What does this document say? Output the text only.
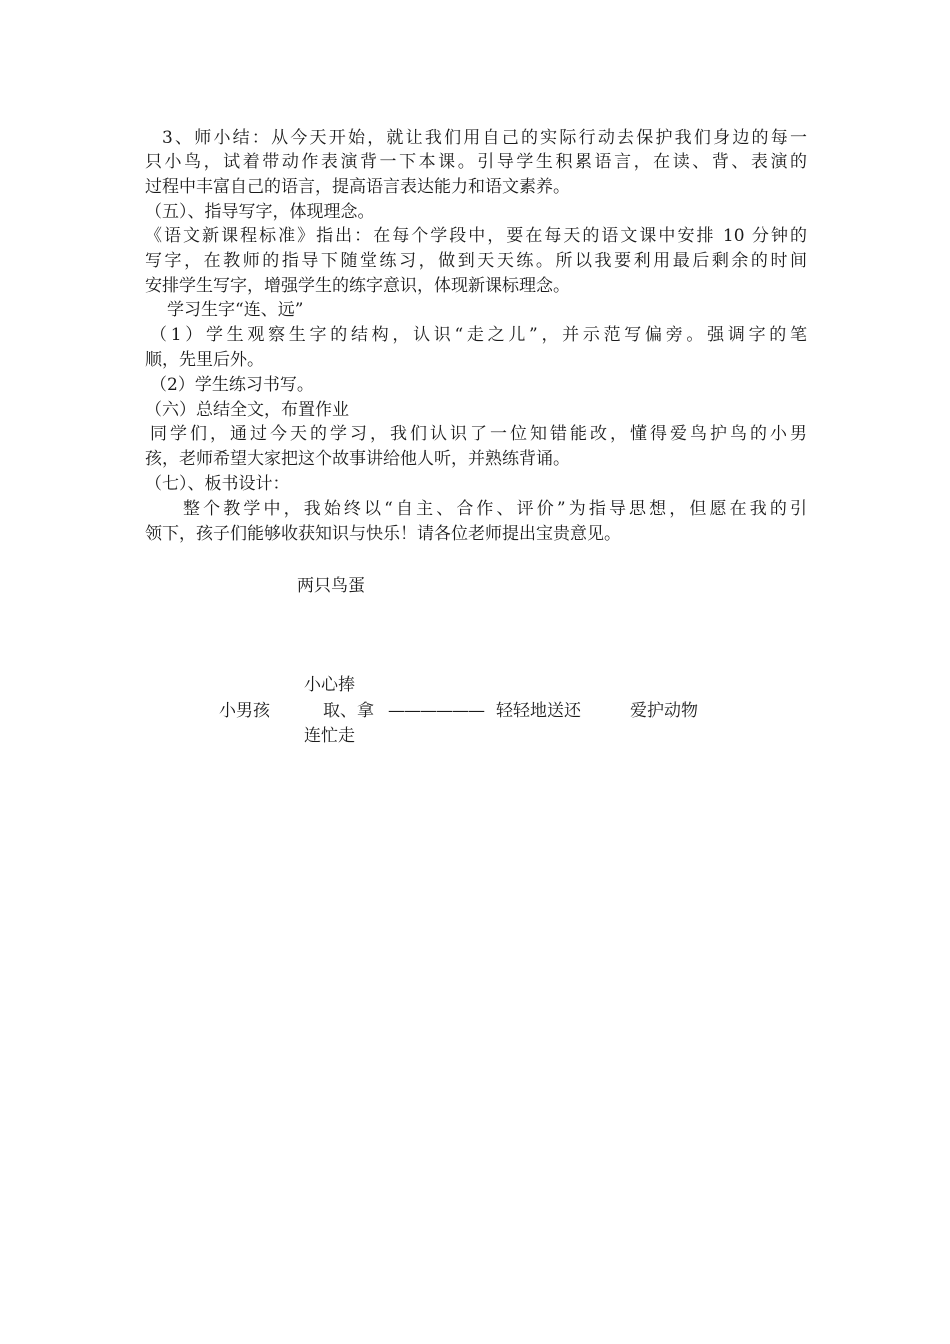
3、师小结：从今天开始，就让我们用自己的实际行动去保护我们身边的每一
只小鸟，试着带动作表演背一下本课。引导学生积累语言，在读、背、表演的
过程中丰富自己的语言，提高语言表达能力和语文素养。
（五）、指导写字，体现理念。
《语文新课程标准》指出：在每个学段中，要在每天的语文课中安排 10 分钟的
写字，在教师的指导下随堂练习，做到天天练。所以我要利用最后剩余的时间
安排学生写字，增强学生的练字意识，体现新课标理念。
学习生字“连、远”
（1）学生观察生字的结构，认识“走之儿”，并示范写偏旁。强调字的笔
顺，先里后外。
（2）学生练习书写。
（六）总结全文，布置作业
同学们，通过今天的学习，我们认识了一位知错能改，懂得爱鸟护鸟的小男
孩，老师希望大家把这个故事讲给他人听，并熟练背诵。
（七）、板书设计：
整个教学中，我始终以“自主、合作、评价”为指导思想，但愿在我的引
领下，孩子们能够收获知识与快乐！请各位老师提出宝贵意见。
两只鸟蛋
小心捧
小男孩	取、拿 —————— 轻轻地送还	爱护动物
连忙走
